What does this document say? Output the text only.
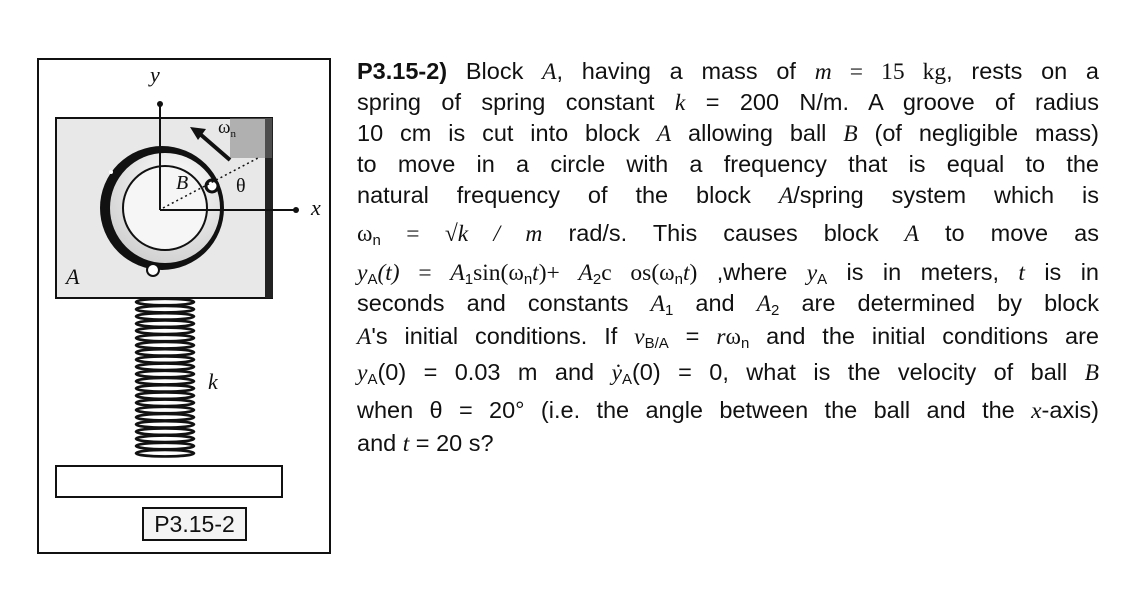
y
x
A
B θ
$\omega_n$
k
P3.15-2
P3.15-2) Block A, having a mass of m = 15 kg, rests on a
spring of spring constant k = 200 N/m. A groove of radius
10 cm is cut into block A allowing ball B (of negligible mass)
to move in a circle with a frequency that is equal to the
natural frequency of the block A/spring system which is
$\omega_n = √k / m$ rad/s. This causes block A to move as
$y_A(t) = A_1\sin(\omega_nt)+ A_2c$ $os(\omega_nt)$ ,where $y_A$ is in meters, t is in
seconds and constants $A_1$ and $A_2$ are determined by block
A's initial conditions. If $v_{B/A} = r\omega_n$ and the initial conditions are
$y_A(0) = 0.03$ m and ẏ$_A$(0) = 0, what is the velocity of ball B
when θ = 20° (i.e. the angle between the ball and the x-axis)
and t = 20 s?
